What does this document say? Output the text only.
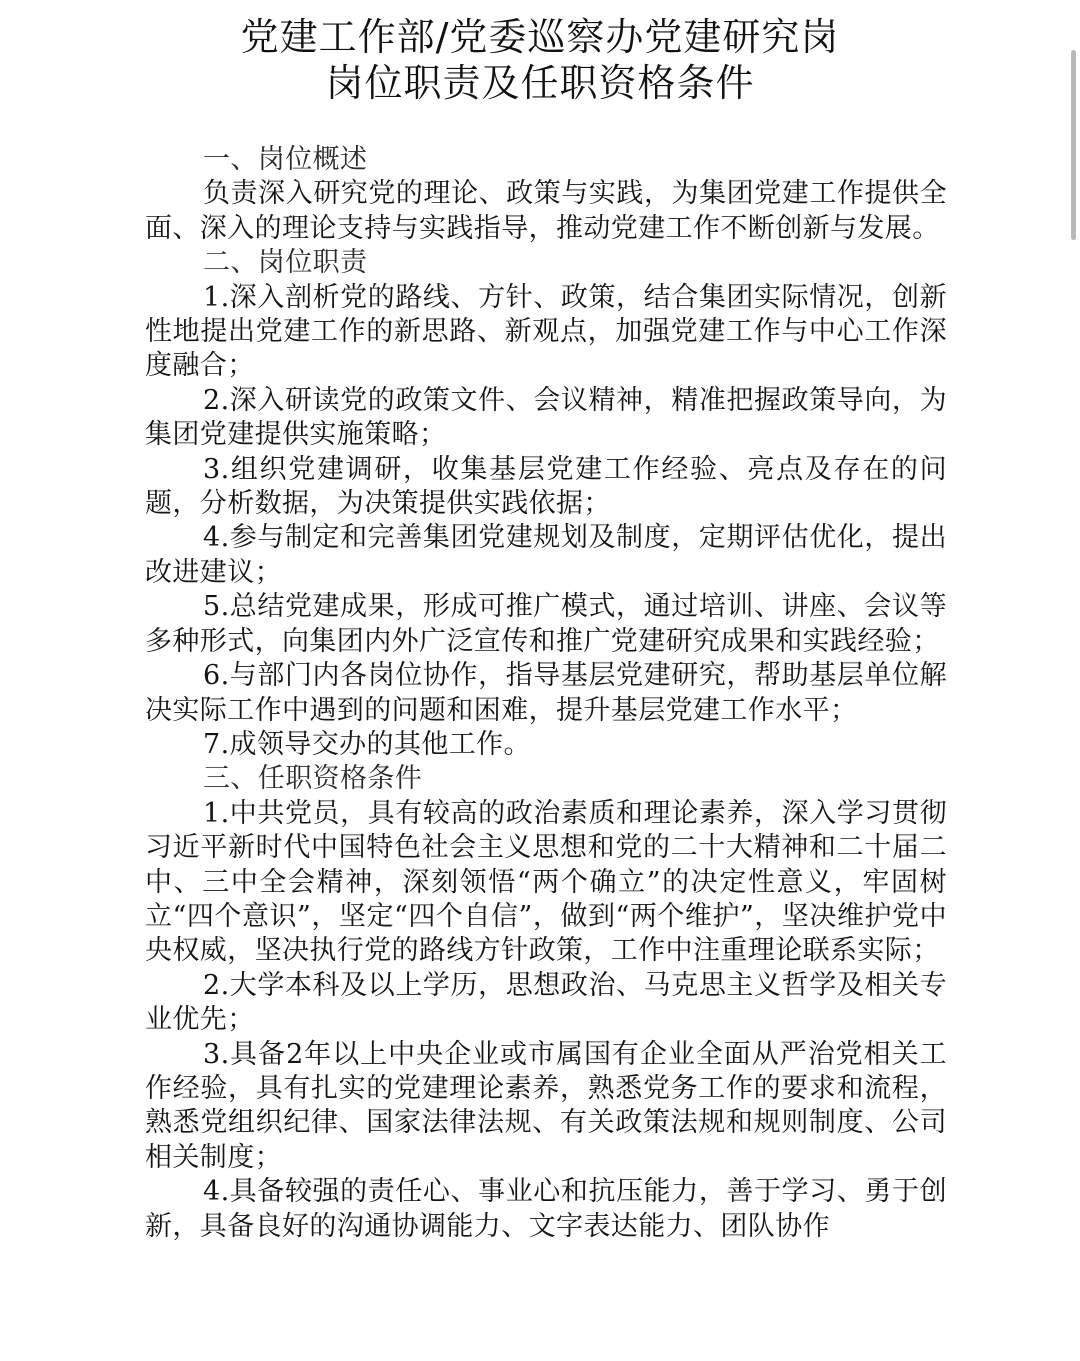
党建工作部/党委巡察办党建研究岗
岗位职责及任职资格条件
一、岗位概述

负责深入研究党的理论、政策与实践，为集团党建工作提供全面、深入的理论支持与实践指导，推动党建工作不断创新与发展。

二、岗位职责

1.深入剖析党的路线、方针、政策，结合集团实际情况，创新性地提出党建工作的新思路、新观点，加强党建工作与中心工作深度融合；

2.深入研读党的政策文件、会议精神，精准把握政策导向，为集团党建提供实施策略；

3.组织党建调研，收集基层党建工作经验、亮点及存在的问题，分析数据，为决策提供实践依据；

4.参与制定和完善集团党建规划及制度，定期评估优化，提出改进建议；

5.总结党建成果，形成可推广模式，通过培训、讲座、会议等多种形式，向集团内外广泛宣传和推广党建研究成果和实践经验；

6.与部门内各岗位协作，指导基层党建研究，帮助基层单位解决实际工作中遇到的问题和困难，提升基层党建工作水平；

7.成领导交办的其他工作。

三、任职资格条件

1.中共党员，具有较高的政治素质和理论素养，深入学习贯彻习近平新时代中国特色社会主义思想和党的二十大精神和二十届二中、三中全会精神，深刻领悟“两个确立”的决定性意义，牢固树立“四个意识”，坚定“四个自信”，做到“两个维护”，坚决维护党中央权威，坚决执行党的路线方针政策，工作中注重理论联系实际；

2.大学本科及以上学历，思想政治、马克思主义哲学及相关专业优先；

3.具备2年以上中央企业或市属国有企业全面从严治党相关工作经验，具有扎实的党建理论素养，熟悉党务工作的要求和流程，熟悉党组织纪律、国家法律法规、有关政策法规和规则制度、公司相关制度；

4.具备较强的责任心、事业心和抗压能力，善于学习、勇于创新，具备良好的沟通协调能力、文字表达能力、团队协作
